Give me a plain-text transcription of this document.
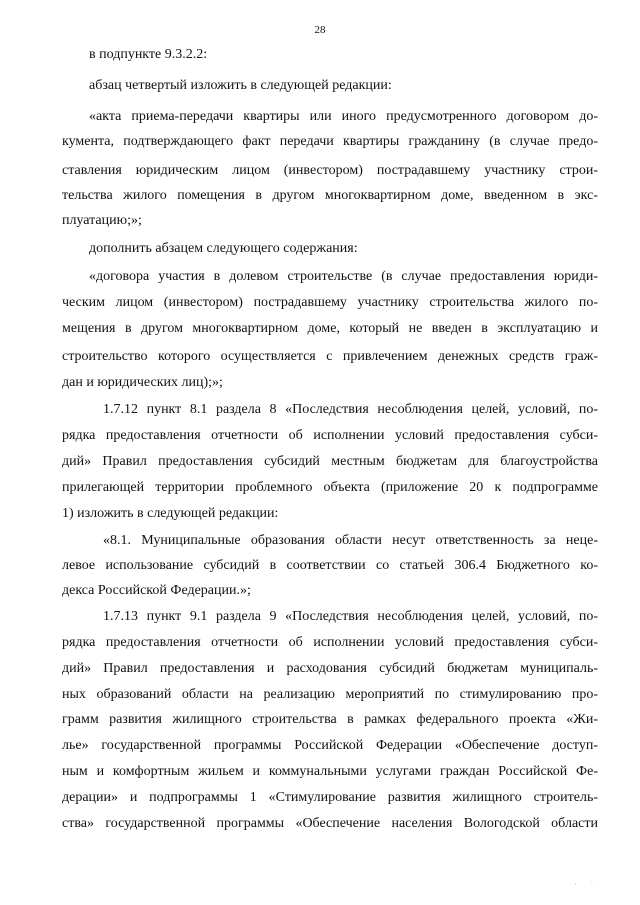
28
в подпункте 9.3.2.2:
абзац четвертый изложить в следующей редакции:
«акта приема-передачи квартиры или иного предусмотренного договором до-
кумента, подтверждающего факт передачи квартиры гражданину (в случае предо-
ставления юридическим лицом (инвестором) пострадавшему участнику строи-
тельства жилого помещения в другом многоквартирном доме, введенном в экс-
плуатацию;»;
дополнить абзацем следующего содержания:
«договора участия в долевом строительстве (в случае предоставления юриди-
ческим лицом (инвестором) пострадавшему участнику строительства жилого по-
мещения в другом многоквартирном доме, который не введен в эксплуатацию и
строительство которого осуществляется с привлечением денежных средств граж-
дан и юридических лиц);»;
1.7.12 пункт 8.1 раздела 8 «Последствия несоблюдения целей, условий, по-
рядка предоставления отчетности об исполнении условий предоставления субси-
дий» Правил предоставления субсидий местным бюджетам для благоустройства
прилегающей территории проблемного объекта (приложение 20 к подпрограмме
1) изложить в следующей редакции:
«8.1. Муниципальные образования области несут ответственность за неце-
левое использование субсидий в соответствии со статьей 306.4 Бюджетного ко-
декса Российской Федерации.»;
1.7.13 пункт 9.1 раздела 9 «Последствия несоблюдения целей, условий, по-
рядка предоставления отчетности об исполнении условий предоставления субси-
дий» Правил предоставления и расходования субсидий бюджетам муниципаль-
ных образований области на реализацию мероприятий по стимулированию про-
грамм развития жилищного строительства в рамках федерального проекта «Жи-
лье» государственной программы Российской Федерации «Обеспечение доступ-
ным и комфортным жильем и коммунальными услугами граждан Российской Фе-
дерации» и подпрограммы 1 «Стимулирование развития жилищного строитель-
ства» государственной программы «Обеспечение населения Вологодской области
· ˈ
